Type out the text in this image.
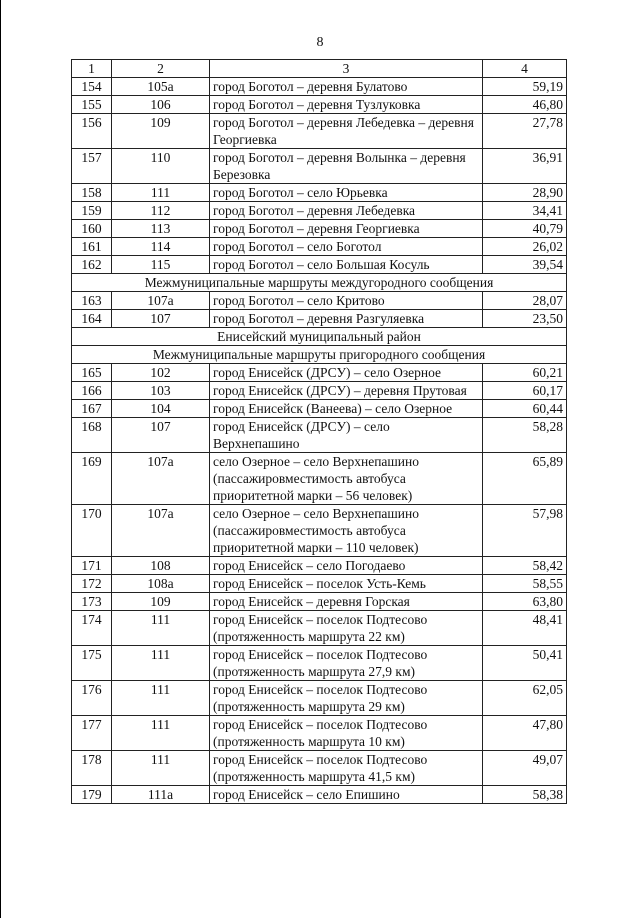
8
1	2	3	4
154	105а	город Боготол – деревня Булатово	59,19
155	106	город Боготол – деревня Тузлуковка	46,80
156	109	город Боготол – деревня Лебедевка – деревня Георгиевка	27,78
157	110	город Боготол – деревня Волынка – деревня Березовка	36,91
158	111	город Боготол – село Юрьевка	28,90
159	112	город Боготол – деревня Лебедевка	34,41
160	113	город Боготол – деревня Георгиевка	40,79
161	114	город Боготол – село Боготол	26,02
162	115	город Боготол – село Большая Косуль	39,54
Межмуниципальные маршруты междугородного сообщения			
163	107а	город Боготол – село Критово	28,07
164	107	город Боготол – деревня Разгуляевка	23,50
Енисейский муниципальный район			
Межмуниципальные маршруты пригородного сообщения			
165	102	город Енисейск (ДРСУ) – село Озерное	60,21
166	103	город Енисейск (ДРСУ) – деревня Прутовая	60,17
167	104	город Енисейск (Ванеева) – село Озерное	60,44
168	107	город Енисейск (ДРСУ) – село Верхнепашино	58,28
169	107а	село Озерное – село Верхнепашино (пассажировместимость автобуса приоритетной марки – 56 человек)	65,89
170	107а	село Озерное – село Верхнепашино (пассажировместимость автобуса приоритетной марки – 110 человек)	57,98
171	108	город Енисейск – село Погодаево	58,42
172	108а	город Енисейск – поселок Усть-Кемь	58,55
173	109	город Енисейск – деревня Горская	63,80
174	111	город Енисейск – поселок Подтесово (протяженность маршрута 22 км)	48,41
175	111	город Енисейск – поселок Подтесово (протяженность маршрута 27,9 км)	50,41
176	111	город Енисейск – поселок Подтесово (протяженность маршрута 29 км)	62,05
177	111	город Енисейск – поселок Подтесово (протяженность маршрута 10 км)	47,80
178	111	город Енисейск – поселок Подтесово (протяженность маршрута 41,5 км)	49,07
179	111а	город Енисейск – село Епишино	58,38
